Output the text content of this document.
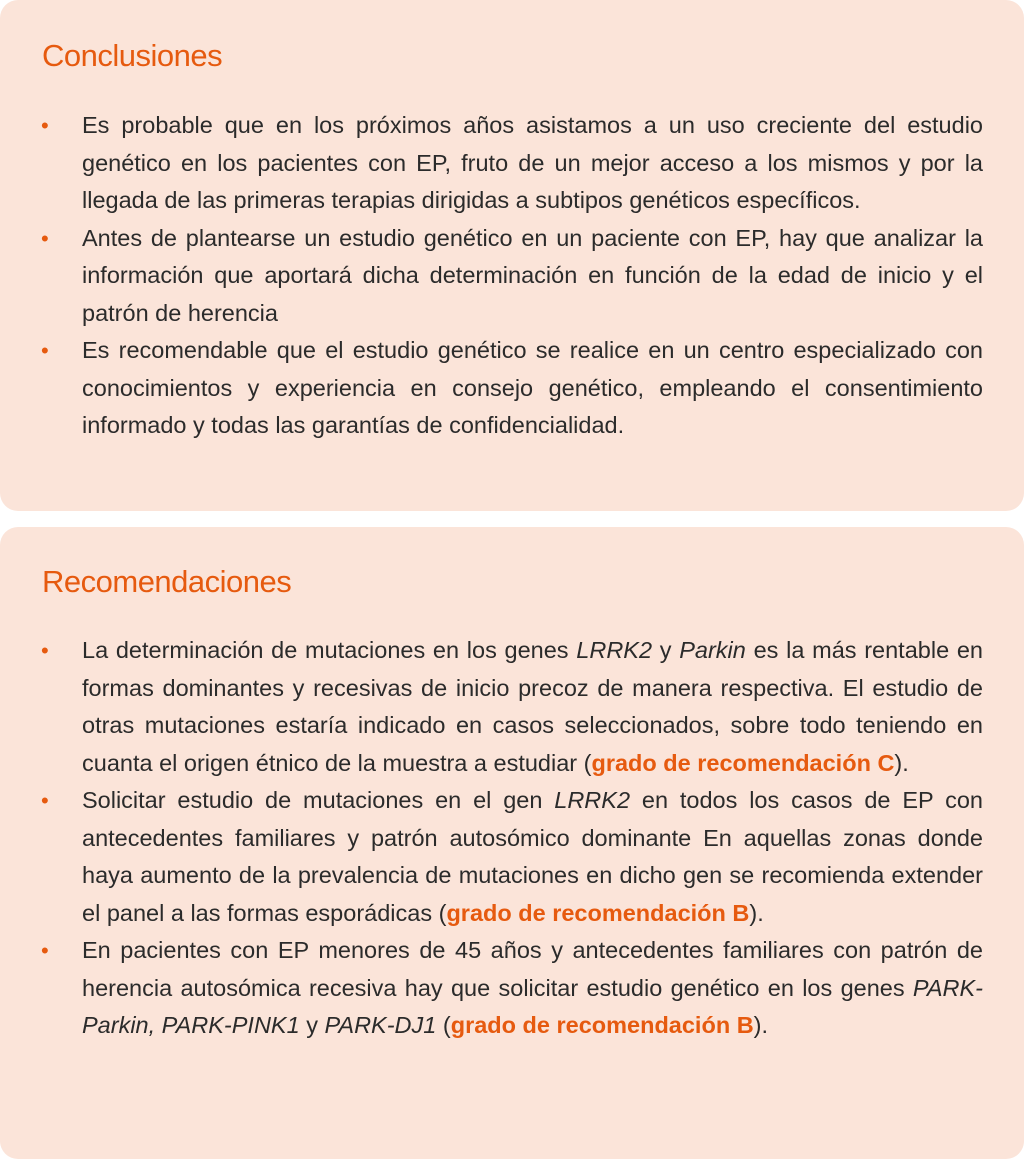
Conclusiones
• Es probable que en los próximos años asistamos a un uso creciente del estudio genético en los pacientes con EP, fruto de un mejor acceso a los mismos y por la llegada de las primeras terapias dirigidas a subtipos genéticos específicos.
• Antes de plantearse un estudio genético en un paciente con EP, hay que analizar la información que aportará dicha determinación en función de la edad de inicio y el patrón de herencia
• Es recomendable que el estudio genético se realice en un centro especializado con conocimientos y experiencia en consejo genético, empleando el consentimiento informado y todas las garantías de confidencialidad.
Recomendaciones
• La determinación de mutaciones en los genes LRRK2 y Parkin es la más rentable en formas dominantes y recesivas de inicio precoz de manera respectiva. El estudio de otras mutaciones estaría indicado en casos seleccionados, sobre todo teniendo en cuanta el origen étnico de la muestra a estudiar (grado de recomendación C).
• Solicitar estudio de mutaciones en el gen LRRK2 en todos los casos de EP con antecedentes familiares y patrón autosómico dominante En aquellas zonas donde haya aumento de la prevalencia de mutaciones en dicho gen se recomienda extender el panel a las formas esporádicas (grado de recomendación B).
• En pacientes con EP menores de 45 años y antecedentes familiares con patrón de herencia autosómica recesiva hay que solicitar estudio genético en los genes PARK-Parkin, PARK-PINK1 y PARK-DJ1 (grado de recomendación B).
